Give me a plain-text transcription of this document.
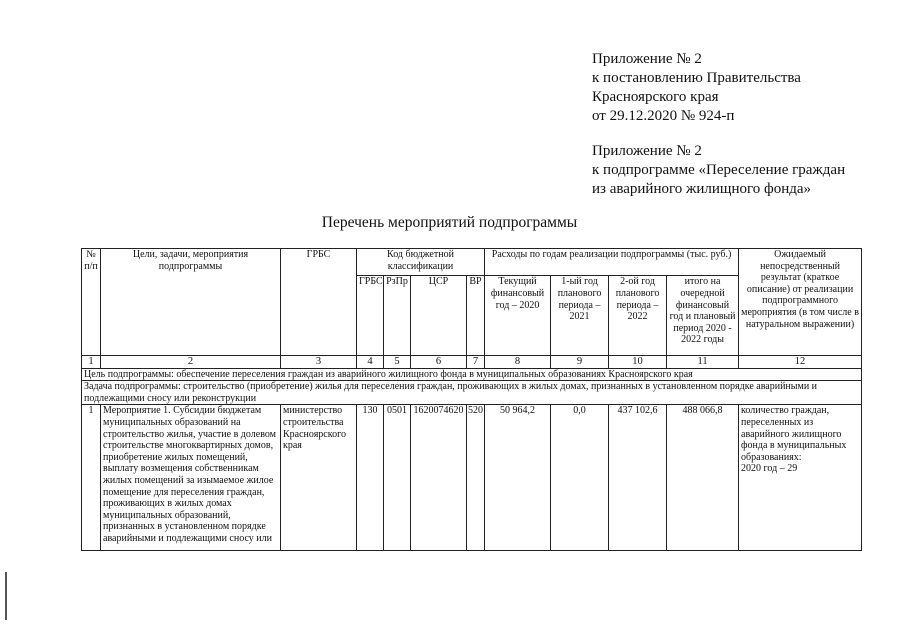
Приложение № 2
к постановлению Правительства
Красноярского края
от 29.12.2020 № 924-п
Приложение № 2
к подпрограмме «Переселение граждан
из аварийного жилищного фонда»
Перечень мероприятий подпрограммы
№ п/п	Цели, задачи, мероприятия подпрограммы	ГРБС	Код бюджетной классификации				Расходы по годам реализации подпрограммы (тыс. руб.)				Ожидаемый непосредственный результат (краткое описание) от реализации подпрограммного мероприятия (в том числе в натуральном выражении)
			ГРБС	РзПр	ЦСР	ВР	Текущий финансовый год – 2020	1-ый год планового периода – 2021	2-ой год планового периода – 2022	итого на очередной финансовый год и плановый период 2020 - 2022 годы	
1	2	3	4	5	6	7	8	9	10	11	12
Цель подпрограммы: обеспечение переселения граждан из аварийного жилищного фонда в муниципальных образованиях Красноярского края											
Задача подпрограммы: строительство (приобретение) жилья для переселения граждан, проживающих в жилых домах, признанных в установленном порядке аварийными и подлежащими сносу или реконструкции											
1	Мероприятие 1. Субсидии бюджетам муниципальных образований на строительство жилья, участие в долевом строительстве многоквартирных домов, приобретение жилых помещений, выплату возмещения собственникам жилых помещений за изымаемое жилое помещение для переселения граждан, проживающих в жилых домах муниципальных образований, признанных в установленном порядке аварийными и подлежащими сносу или	министерство строительства Красноярского края	130	0501	1620074620	520	50 964,2	0,0	437 102,6	488 066,8	количество граждан, переселенных из аварийного жилищного фонда в муниципальных образованиях:
2020 год – 29
